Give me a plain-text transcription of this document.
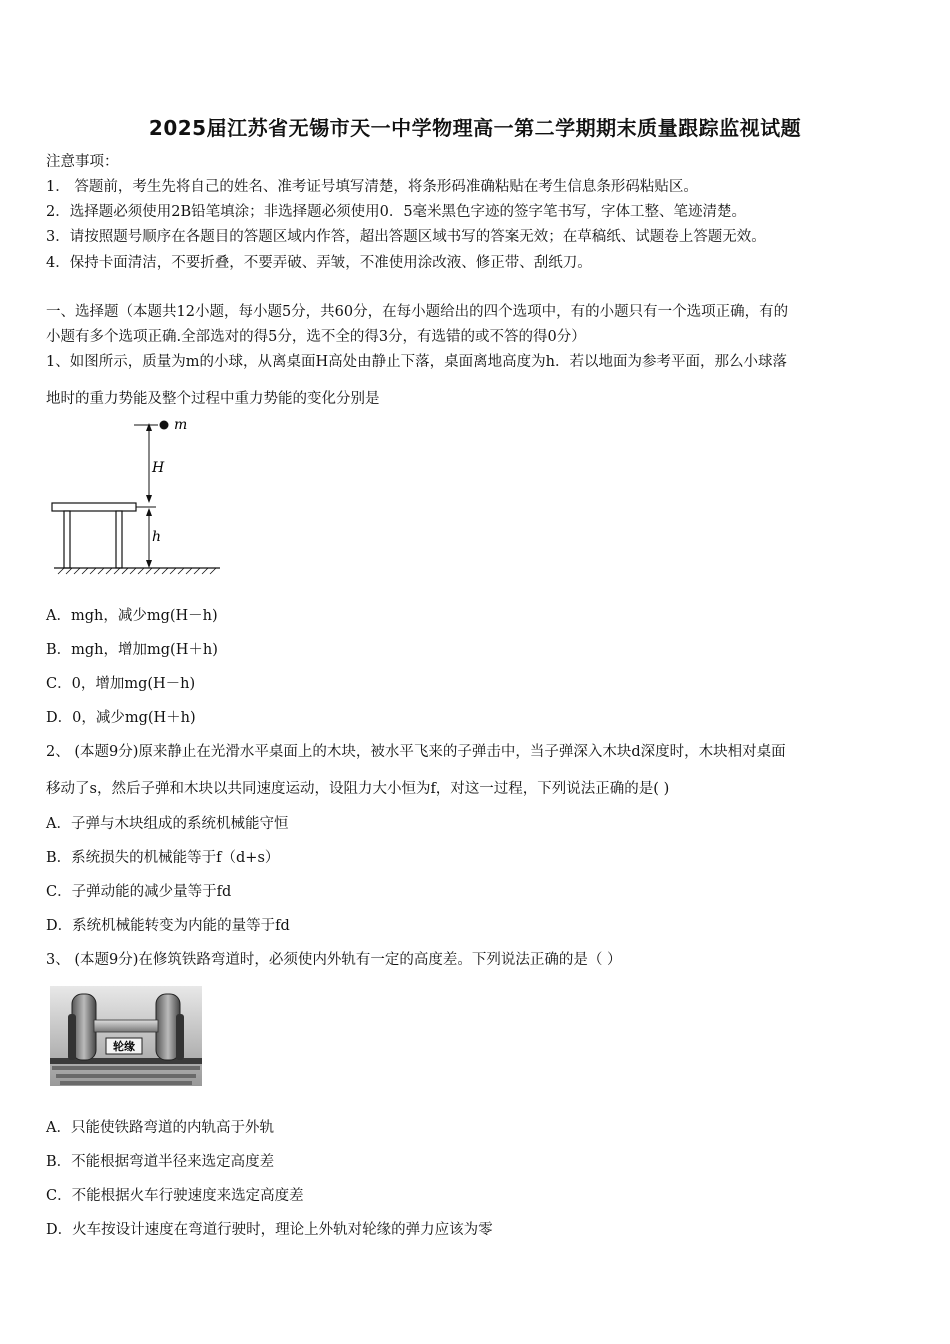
2025届江苏省无锡市天一中学物理高一第二学期期末质量跟踪监视试题
注意事项：
1． 答题前，考生先将自己的姓名、准考证号填写清楚，将条形码准确粘贴在考生信息条形码粘贴区。
2．选择题必须使用2B铅笔填涂；非选择题必须使用0．5毫米黑色字迹的签字笔书写，字体工整、笔迹清楚。
3．请按照题号顺序在各题目的答题区域内作答，超出答题区域书写的答案无效；在草稿纸、试题卷上答题无效。
4．保持卡面清洁，不要折叠，不要弄破、弄皱，不准使用涂改液、修正带、刮纸刀。
一、选择题（本题共12小题，每小题5分，共60分，在每小题给出的四个选项中，有的小题只有一个选项正确，有的
小题有多个选项正确.全部选对的得5分，选不全的得3分，有选错的或不答的得0分）
1、如图所示，质量为m的小球，从离桌面H高处由静止下落，桌面离地高度为h．若以地面为参考平面，那么小球落
地时的重力势能及整个过程中重力势能的变化分别是
m
H
h
A．mgh，减少mg(H－h)
B．mgh，增加mg(H＋h)
C．0，增加mg(H－h)
D．0，减少mg(H＋h)
2、 (本题9分)原来静止在光滑水平桌面上的木块，被水平飞来的子弹击中，当子弹深入木块d深度时，木块相对桌面
移动了s，然后子弹和木块以共同速度运动，设阻力大小恒为f，对这一过程，下列说法正确的是( )
A．子弹与木块组成的系统机械能守恒
B．系统损失的机械能等于f（d+s）
C．子弹动能的减少量等于fd
D．系统机械能转变为内能的量等于fd
3、 (本题9分)在修筑铁路弯道时，必须使内外轨有一定的高度差。下列说法正确的是（ ）
轮缘
A．只能使铁路弯道的内轨高于外轨
B．不能根据弯道半径来选定高度差
C．不能根据火车行驶速度来选定高度差
D．火车按设计速度在弯道行驶时，理论上外轨对轮缘的弹力应该为零
